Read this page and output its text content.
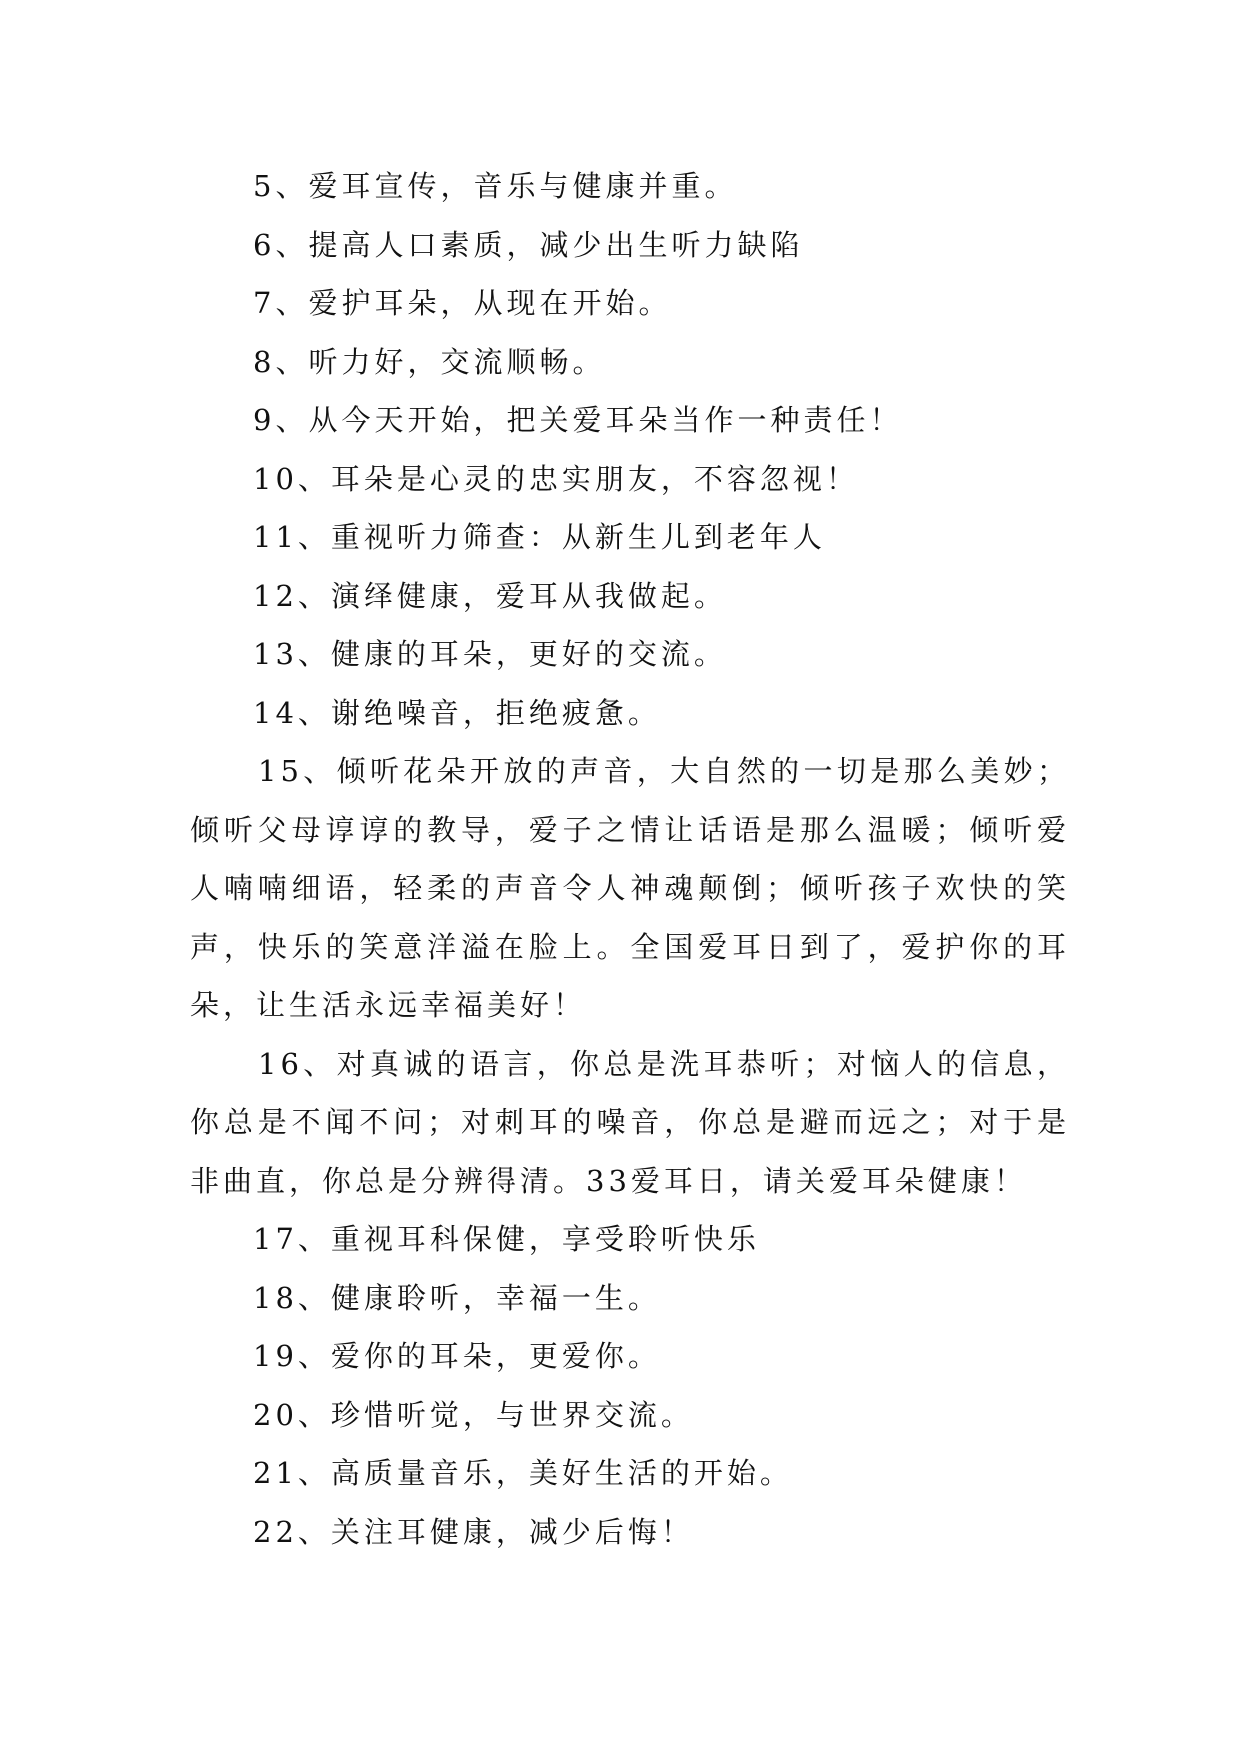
5、爱耳宣传，音乐与健康并重。

6、提高人口素质，减少出生听力缺陷

7、爱护耳朵，从现在开始。

8、听力好，交流顺畅。

9、从今天开始，把关爱耳朵当作一种责任！

10、耳朵是心灵的忠实朋友，不容忽视！

11、重视听力筛查：从新生儿到老年人

12、演绎健康，爱耳从我做起。

13、健康的耳朵，更好的交流。

14、谢绝噪音，拒绝疲惫。

15、倾听花朵开放的声音，大自然的一切是那么美妙；倾听父母谆谆的教导，爱子之情让话语是那么温暖；倾听爱人喃喃细语，轻柔的声音令人神魂颠倒；倾听孩子欢快的笑声，快乐的笑意洋溢在脸上。全国爱耳日到了，爱护你的耳朵，让生活永远幸福美好！

16、对真诚的语言，你总是洗耳恭听；对恼人的信息，你总是不闻不问；对刺耳的噪音，你总是避而远之；对于是非曲直，你总是分辨得清。33爱耳日，请关爱耳朵健康！

17、重视耳科保健，享受聆听快乐

18、健康聆听，幸福一生。

19、爱你的耳朵，更爱你。

20、珍惜听觉，与世界交流。

21、高质量音乐，美好生活的开始。

22、关注耳健康，减少后悔！
